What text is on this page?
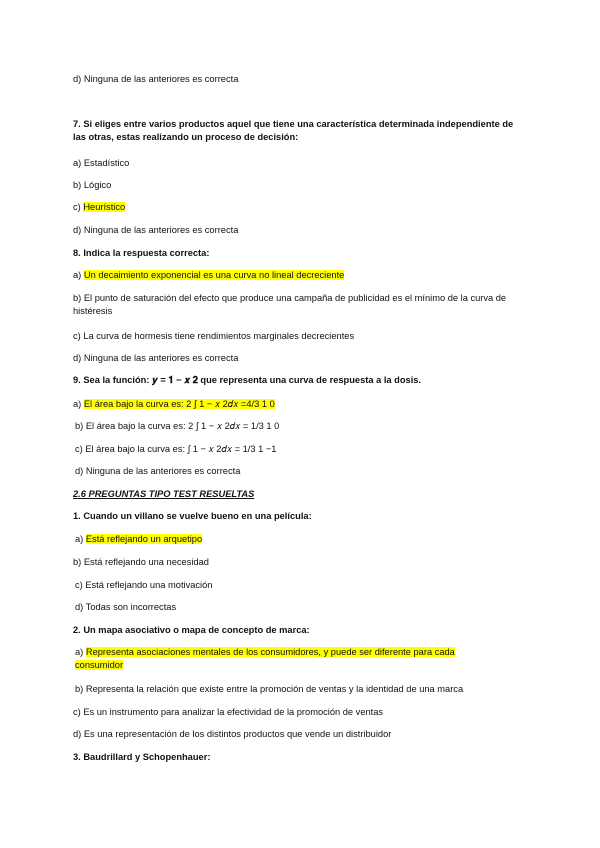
d) Ninguna de las anteriores es correcta
7. Si eliges entre varios productos aquel que tiene una característica determinada independiente de las otras, estas realizando un proceso de decisión:
a) Estadístico
b) Lógico
c) Heurístico
d) Ninguna de las anteriores es correcta
8. Indica la respuesta correcta:
a) Un decaimiento exponencial es una curva no lineal decreciente
b) El punto de saturación del efecto que produce una campaña de publicidad es el mínimo de la curva de histéresis
c) La curva de hormesis tiene rendimientos marginales decrecientes
d) Ninguna de las anteriores es correcta
9. Sea la función: 𝒚 = 𝟏 − 𝒙 𝟐 que representa una curva de respuesta a la dosis.
a) El área bajo la curva es: 2 ∫ 1 − 𝑥 2𝑑𝑥 =4/3 1 0
b) El área bajo la curva es: 2 ∫ 1 − 𝑥 2𝑑𝑥 = 1/3 1 0
c) El área bajo la curva es: ∫ 1 − 𝑥 2𝑑𝑥 = 1/3 1 −1
d) Ninguna de las anteriores es correcta
2.6 PREGUNTAS TIPO TEST RESUELTAS
1. Cuando un villano se vuelve bueno en una película:
a) Está reflejando un arquetipo
b) Está reflejando una necesidad
c) Está reflejando una motivación
d) Todas son incorrectas
2. Un mapa asociativo o mapa de concepto de marca:
a) Representa asociaciones mentales de los consumidores, y puede ser diferente para cada consumidor
b) Representa la relación que existe entre la promoción de ventas y la identidad de una marca
c) Es un instrumento para analizar la efectividad de la promoción de ventas
d) Es una representación de los distintos productos que vende un distribuidor
3. Baudrillard y Schopenhauer:
